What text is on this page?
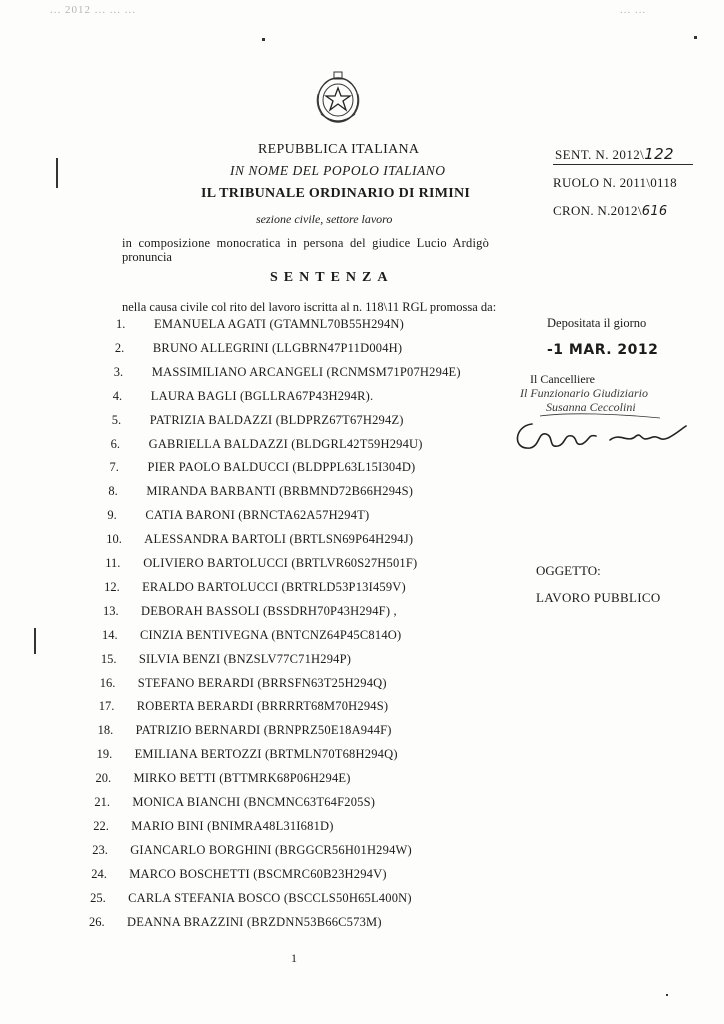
... 2012 ... ... ...	... ...
REPUBBLICA ITALIANA
IN NOME DEL POPOLO ITALIANO
IL TRIBUNALE ORDINARIO DI RIMINI
sezione civile, settore lavoro
in composizione monocratica in persona del giudice Lucio Ardigò
pronuncia
SENTENZA
nella causa civile col rito del lavoro iscritta al n. 118\11 RGL promossa da:
SENT. N. 2012\122
RUOLO N. 2011\0118
CRON. N.2012\616
Depositata il giorno
-1 MAR. 2012
Il Cancelliere
Il Funzionario Giudiziario
Susanna Ceccolini
OGGETTO:
LAVORO PUBBLICO
1. EMANUELA AGATI (GTAMNL70B55H294N)
2. BRUNO ALLEGRINI (LLGBRN47P11D004H)
3. MASSIMILIANO ARCANGELI (RCNMSM71P07H294E)
4. LAURA BAGLI (BGLLRA67P43H294R).
5. PATRIZIA BALDAZZI (BLDPRZ67T67H294Z)
6. GABRIELLA BALDAZZI (BLDGRL42T59H294U)
7. PIER PAOLO BALDUCCI (BLDPPL63L15I304D)
8. MIRANDA BARBANTI (BRBMND72B66H294S)
9. CATIA BARONI (BRNCTA62A57H294T)
10. ALESSANDRA BARTOLI (BRTLSN69P64H294J)
11. OLIVIERO BARTOLUCCI (BRTLVR60S27H501F)
12. ERALDO BARTOLUCCI (BRTRLD53P13I459V)
13. DEBORAH BASSOLI (BSSDRH70P43H294F) ,
14. CINZIA BENTIVEGNA (BNTCNZ64P45C814O)
15. SILVIA BENZI (BNZSLV77C71H294P)
16. STEFANO BERARDI (BRRSFN63T25H294Q)
17. ROBERTA BERARDI (BRRRRT68M70H294S)
18. PATRIZIO BERNARDI (BRNPRZ50E18A944F)
19. EMILIANA BERTOZZI (BRTMLN70T68H294Q)
20. MIRKO BETTI (BTTMRK68P06H294E)
21. MONICA BIANCHI (BNCMNC63T64F205S)
22. MARIO BINI (BNIMRA48L31I681D)
23. GIANCARLO BORGHINI (BRGGCR56H01H294W)
24. MARCO BOSCHETTI (BSCMRC60B23H294V)
25. CARLA STEFANIA BOSCO (BSCCLS50H65L400N)
26. DEANNA BRAZZINI (BRZDNN53B66C573M)
1
